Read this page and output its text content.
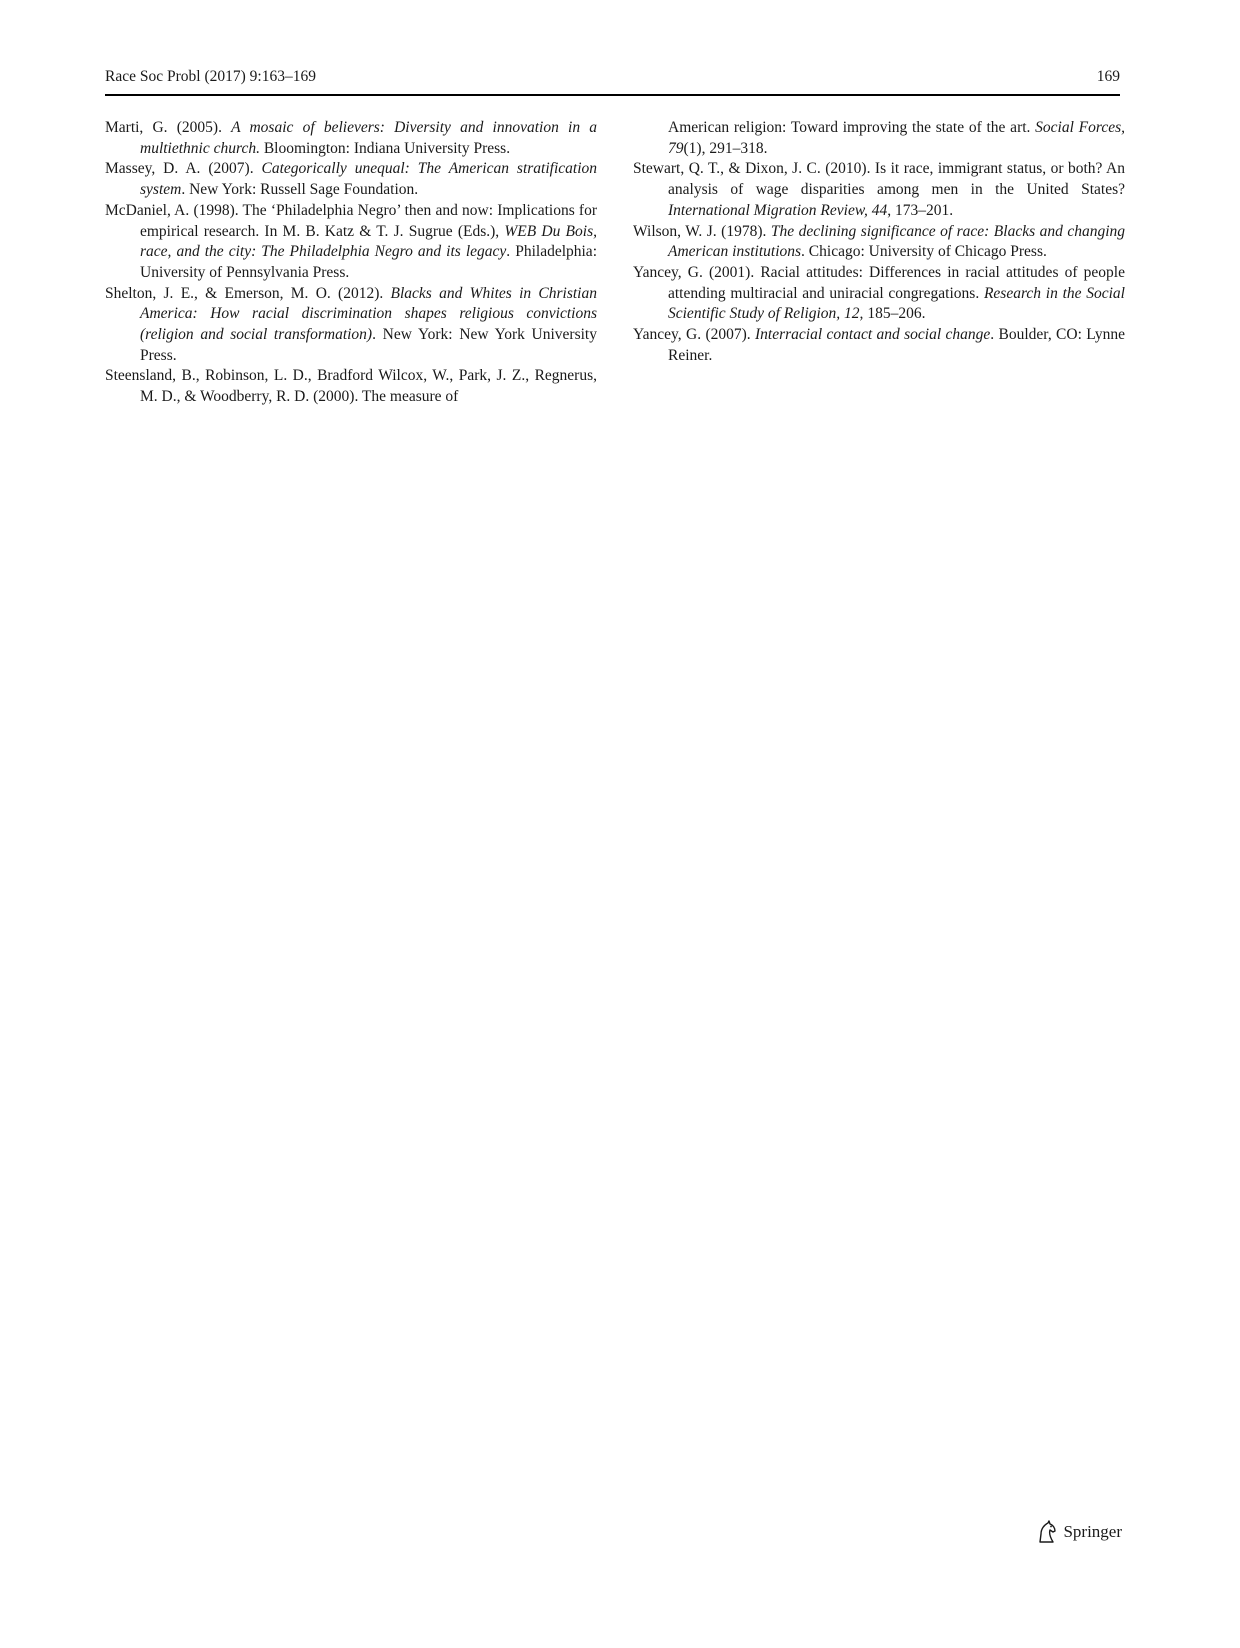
Race Soc Probl (2017) 9:163–169	169

Marti, G. (2005). A mosaic of believers: Diversity and innovation in a multiethnic church. Bloomington: Indiana University Press.

Massey, D. A. (2007). Categorically unequal: The American stratification system. New York: Russell Sage Foundation.

McDaniel, A. (1998). The ‘Philadelphia Negro’ then and now: Implications for empirical research. In M. B. Katz & T. J. Sugrue (Eds.), WEB Du Bois, race, and the city: The Philadelphia Negro and its legacy. Philadelphia: University of Pennsylvania Press.

Shelton, J. E., & Emerson, M. O. (2012). Blacks and Whites in Christian America: How racial discrimination shapes religious convictions (religion and social transformation). New York: New York University Press.

Steensland, B., Robinson, L. D., Bradford Wilcox, W., Park, J. Z., Regnerus, M. D., & Woodberry, R. D. (2000). The measure of

American religion: Toward improving the state of the art. Social Forces, 79(1), 291–318.

Stewart, Q. T., & Dixon, J. C. (2010). Is it race, immigrant status, or both? An analysis of wage disparities among men in the United States? International Migration Review, 44, 173–201.

Wilson, W. J. (1978). The declining significance of race: Blacks and changing American institutions. Chicago: University of Chicago Press.

Yancey, G. (2001). Racial attitudes: Differences in racial attitudes of people attending multiracial and uniracial congregations. Research in the Social Scientific Study of Religion, 12, 185–206.

Yancey, G. (2007). Interracial contact and social change. Boulder, CO: Lynne Reiner.

Springer
